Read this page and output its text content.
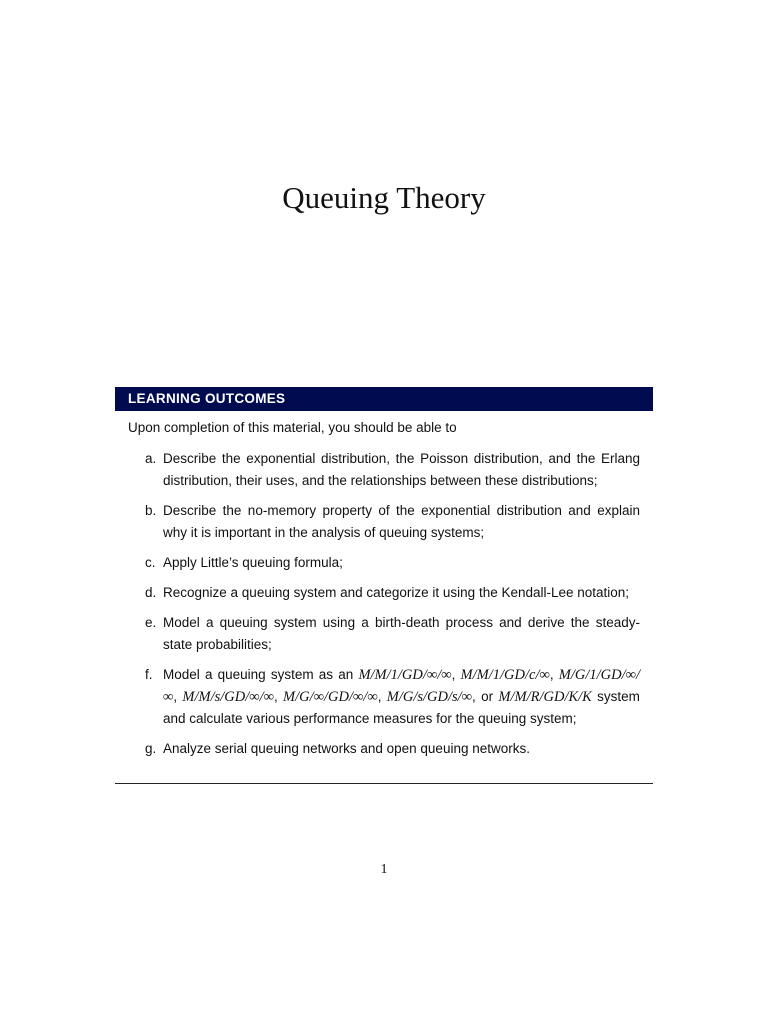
Queuing Theory
LEARNING OUTCOMES

Upon completion of this material, you should be able to

a. Describe the exponential distribution, the Poisson distribution, and the Erlang distribution, their uses, and the relationships between these distributions;
b. Describe the no-memory property of the exponential distribution and explain why it is important in the analysis of queuing systems;
c. Apply Little’s queuing formula;
d. Recognize a queuing system and categorize it using the Kendall-Lee notation;
e. Model a queuing system using a birth-death process and derive the steady-state probabilities;
f. Model a queuing system as an M/M/1/GD/∞/∞, M/M/1/GD/c/∞, M/G/1/GD/∞/∞, M/M/s/GD/∞/∞, M/G/∞/GD/∞/∞, M/G/s/GD/s/∞, or M/M/R/GD/K/K system and calculate various performance measures for the queuing system;
g. Analyze serial queuing networks and open queuing networks.
1
